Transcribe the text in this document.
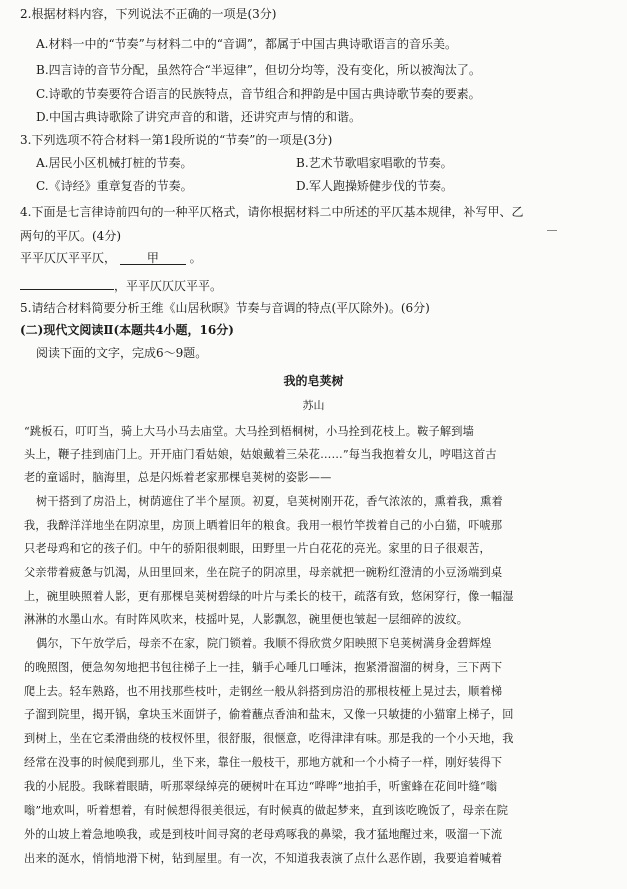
2.根据材料内容，下列说法不正确的一项是(3分)
A.材料一中的“节奏”与材料二中的“音调”，都属于中国古典诗歌语言的音乐美。
B.四言诗的音节分配，虽然符合“半逗律”，但切分均等，没有变化，所以被淘汰了。
C.诗歌的节奏要符合语言的民族特点，音节组合和押韵是中国古典诗歌节奏的要素。
D.中国古典诗歌除了讲究声音的和谐，还讲究声与情的和谐。
3.下列选项不符合材料一第1段所说的“节奏”的一项是(3分)
A.居民小区机械打桩的节奏。	B.艺术节歌唱家唱歌的节奏。
C.《诗经》重章复沓的节奏。	D.军人跑操矫健步伐的节奏。
4.下面是七言律诗前四句的一种平仄格式，请你根据材料二中所述的平仄基本规律，补写甲、乙
两句的平仄。(4分)
平平仄仄平平仄，	甲	。
，平平仄仄仄平平。
5.请结合材料简要分析王维《山居秋暝》节奏与音调的特点(平仄除外)。(6分)
(二)现代文阅读Ⅱ(本题共4小题，16分)
阅读下面的文字，完成6～9题。
我的皂荚树
苏山
“跳板石，叮叮当，骑上大马小马去庙堂。大马拴到梧桐树，小马拴到花枝上。鞍子解到墙
头上，鞭子挂到庙门上。开开庙门看姑娘，姑娘戴着三朵花……”每当我抱着女儿，哼唱这首古
老的童谣时，脑海里，总是闪烁着老家那棵皂荚树的姿影——
树干搭到了房沿上，树荫遮住了半个屋顶。初夏，皂荚树刚开花，香气浓浓的，熏着我，熏着
我，我醉洋洋地坐在阴凉里，房顶上晒着旧年的粮食。我用一根竹竿拨着自己的小白猫，吓唬那
只老母鸡和它的孩子们。中午的骄阳很刺眼，田野里一片白花花的亮光。家里的日子很艰苦，
父亲带着疲惫与饥渴，从田里回来，坐在院子的阴凉里，母亲就把一碗粉红澄清的小豆汤端到桌
上，碗里映照着人影，更有那棵皂荚树碧绿的叶片与柔长的枝干，疏落有致，悠闲穿行，像一幅湿
淋淋的水墨山水。有时阵风吹来，枝摇叶晃，人影飘忽，碗里便也皱起一层细碎的波纹。
偶尔，下午放学后，母亲不在家，院门锁着。我顺不得欣赏夕阳映照下皂荚树满身金碧辉煌
的晚照图，便急匆匆地把书包往梯子上一挂，躺手心唾几口唾沫，抱紧滑溜溜的树身，三下两下
爬上去。轻车熟路，也不用找那些枝叶，走钢丝一般从斜搭到房沿的那根枝桠上晃过去，顺着梯
子溜到院里，揭开锅，拿块玉米面饼子，偷着蘸点香油和盐末，又像一只敏捷的小猫窜上梯子，回
到树上，坐在它柔滑曲绕的枝杈怀里，很舒服，很惬意，吃得津津有味。那是我的一个小天地，我
经常在没事的时候爬到那儿，坐下来，靠住一般枝干，那地方就和一个小椅子一样，刚好装得下
我的小屁股。我眯着眼睛，听那翠绿绰亮的硬树叶在耳边“哗哗”地拍手，听蜜蜂在花间叶缝“嗡
嗡”地欢叫，听着想着，有时候想得很美很远，有时候真的做起梦来，直到该吃晚饭了，母亲在院
外的山坡上着急地唤我，或是到枝叶间寻窝的老母鸡啄我的鼻梁，我才猛地醒过来，吸溜一下流
出来的涎水，悄悄地滑下树，钻到屋里。有一次，不知道我表演了点什么恶作剧，我要追着喊着
